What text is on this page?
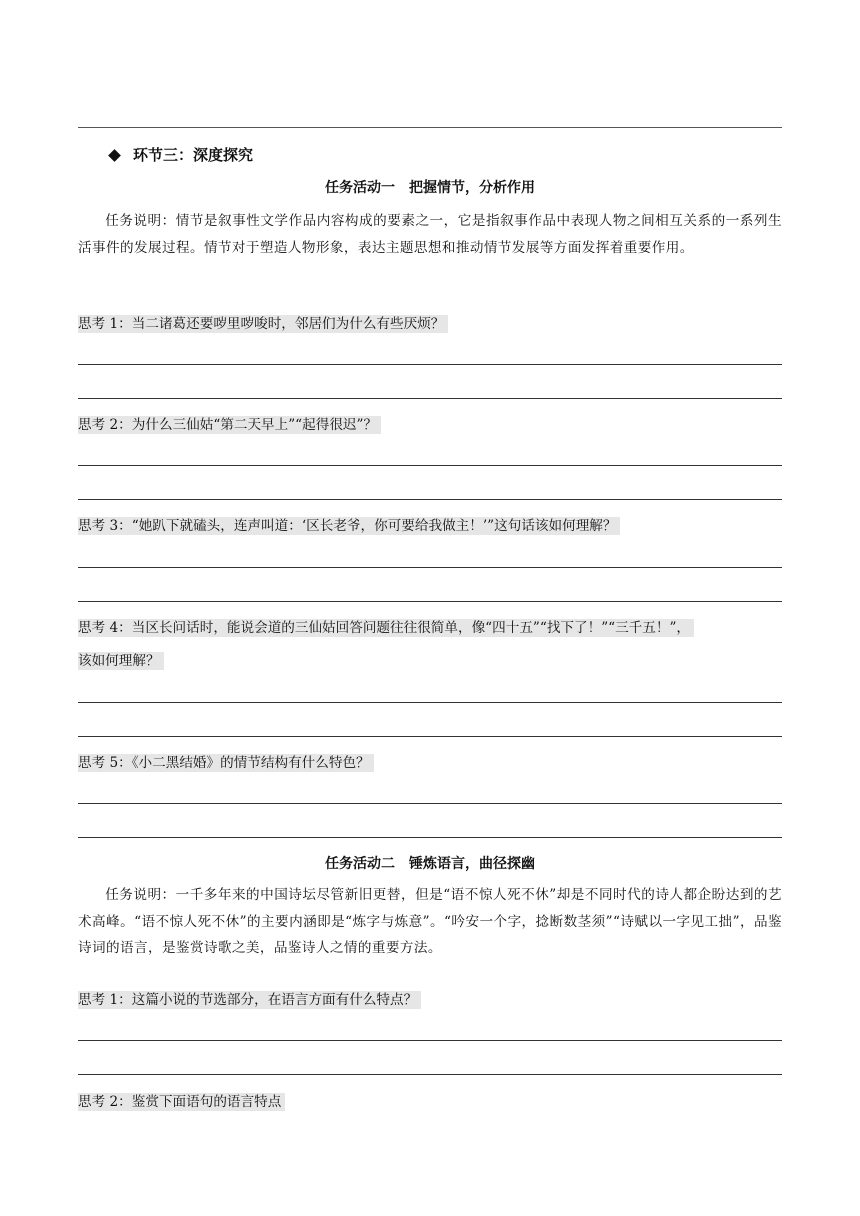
环节三：深度探究
任务活动一　把握情节，分析作用
任务说明：情节是叙事性文学作品内容构成的要素之一，它是指叙事作品中表现人物之间相互关系的一系列生活事件的发展过程。情节对于塑造人物形象，表达主题思想和推动情节发展等方面发挥着重要作用。
思考 1：当二诸葛还要哕里哕唆时，邻居们为什么有些厌烦？
思考 2：为什么三仙姑“第二天早上”“起得很迟”？
思考 3：“她趴下就磕头，连声叫道：‘区长老爷，你可要给我做主！’”这句话该如何理解？
思考 4：当区长问话时，能说会道的三仙姑回答问题往往很简单，像“四十五”“找下了！”“三千五！”，
该如何理解？
思考 5：《小二黑结婚》的情节结构有什么特色？
任务活动二　锤炼语言，曲径探幽
任务说明：一千多年来的中国诗坛尽管新旧更替，但是“语不惊人死不休”却是不同时代的诗人都企盼达到的艺术高峰。“语不惊人死不休”的主要内涵即是“炼字与炼意”。“吟安一个字，捻断数茎须”“诗赋以一字见工拙”，品鉴诗词的语言，是鉴赏诗歌之美，品鉴诗人之情的重要方法。
思考 1：这篇小说的节选部分，在语言方面有什么特点？
思考 2：鉴赏下面语句的语言特点
